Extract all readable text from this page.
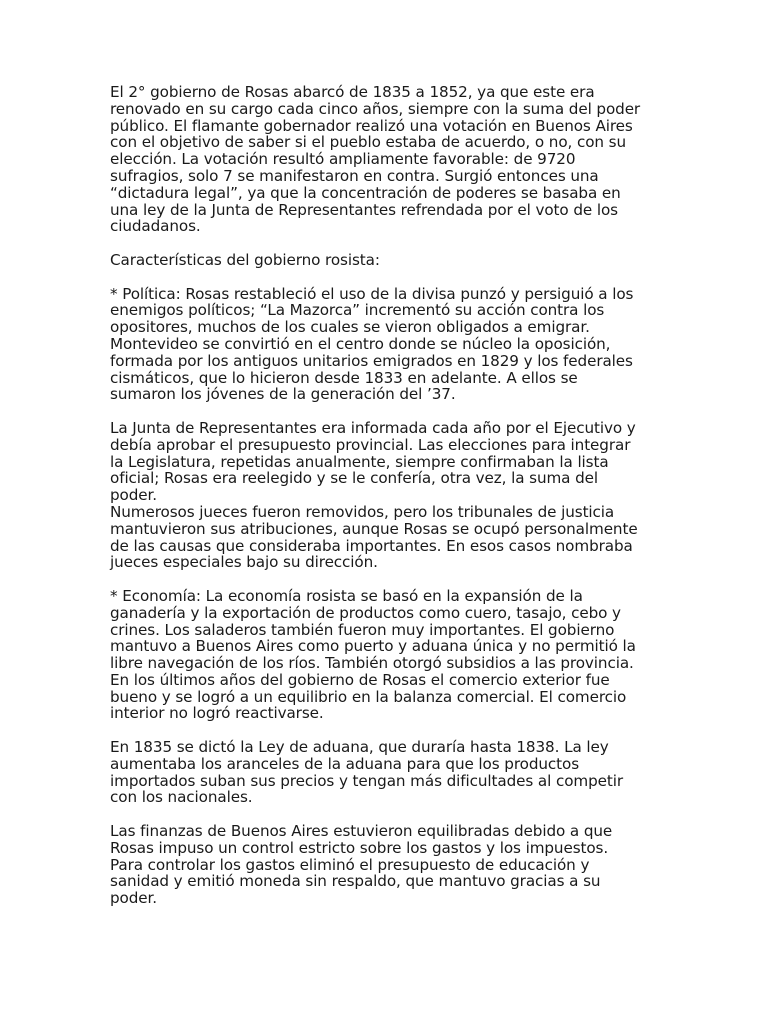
El 2° gobierno de Rosas abarcó de 1835 a 1852, ya que este era
renovado en su cargo cada cinco años, siempre con la suma del poder
público. El flamante gobernador realizó una votación en Buenos Aires
con el objetivo de saber si el pueblo estaba de acuerdo, o no, con su
elección. La votación resultó ampliamente favorable: de 9720
sufragios, solo 7 se manifestaron en contra. Surgió entonces una
“dictadura legal”, ya que la concentración de poderes se basaba en
una ley de la Junta de Representantes refrendada por el voto de los
ciudadanos.

Características del gobierno rosista:

* Política: Rosas restableció el uso de la divisa punzó y persiguió a los
enemigos políticos; “La Mazorca” incrementó su acción contra los
opositores, muchos de los cuales se vieron obligados a emigrar.
Montevideo se convirtió en el centro donde se núcleo la oposición,
formada por los antiguos unitarios emigrados en 1829 y los federales
cismáticos, que lo hicieron desde 1833 en adelante. A ellos se
sumaron los jóvenes de la generación del ’37.

La Junta de Representantes era informada cada año por el Ejecutivo y
debía aprobar el presupuesto provincial. Las elecciones para integrar
la Legislatura, repetidas anualmente, siempre confirmaban la lista
oficial; Rosas era reelegido y se le confería, otra vez, la suma del
poder.

Numerosos jueces fueron removidos, pero los tribunales de justicia
mantuvieron sus atribuciones, aunque Rosas se ocupó personalmente
de las causas que consideraba importantes. En esos casos nombraba
jueces especiales bajo su dirección.

* Economía: La economía rosista se basó en la expansión de la
ganadería y la exportación de productos como cuero, tasajo, cebo y
crines. Los saladeros también fueron muy importantes. El gobierno
mantuvo a Buenos Aires como puerto y aduana única y no permitió la
libre navegación de los ríos. También otorgó subsidios a las provincia.
En los últimos años del gobierno de Rosas el comercio exterior fue
bueno y se logró a un equilibrio en la balanza comercial. El comercio
interior no logró reactivarse.

En 1835 se dictó la Ley de aduana, que duraría hasta 1838. La ley
aumentaba los aranceles de la aduana para que los productos
importados suban sus precios y tengan más dificultades al competir
con los nacionales.

Las finanzas de Buenos Aires estuvieron equilibradas debido a que
Rosas impuso un control estricto sobre los gastos y los impuestos.
Para controlar los gastos eliminó el presupuesto de educación y
sanidad y emitió moneda sin respaldo, que mantuvo gracias a su
poder.
